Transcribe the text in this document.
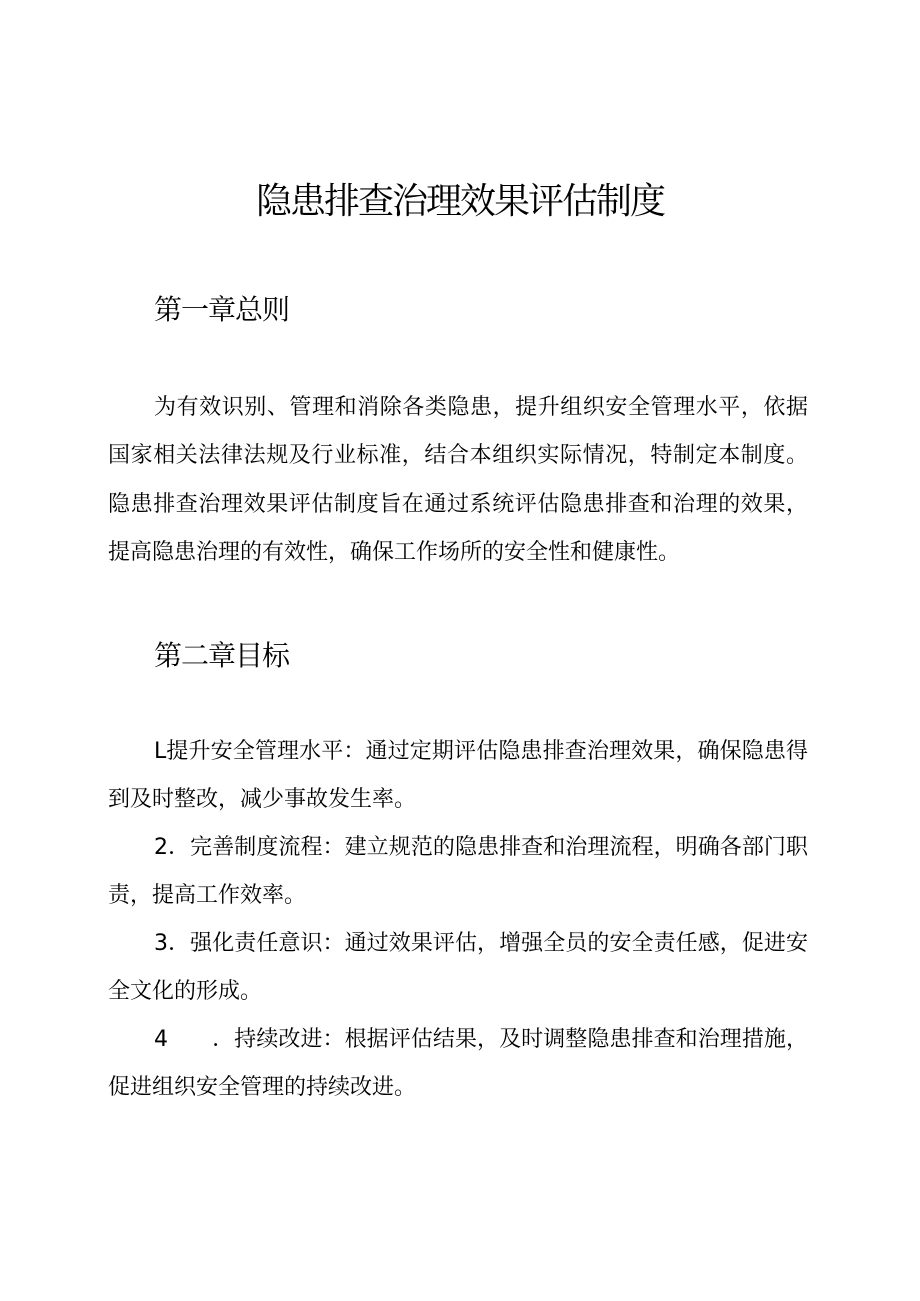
隐患排查治理效果评估制度
第一章总则

为有效识别、管理和消除各类隐患，提升组织安全管理水平，依据国家相关法律法规及行业标准，结合本组织实际情况，特制定本制度。隐患排查治理效果评估制度旨在通过系统评估隐患排查和治理的效果，提高隐患治理的有效性，确保工作场所的安全性和健康性。

第二章目标

L提升安全管理水平：通过定期评估隐患排查治理效果，确保隐患得到及时整改，减少事故发生率。

2．完善制度流程：建立规范的隐患排查和治理流程，明确各部门职责，提高工作效率。

3．强化责任意识：通过效果评估，增强全员的安全责任感，促进安全文化的形成。

4　　．持续改进：根据评估结果，及时调整隐患排查和治理措施，促进组织安全管理的持续改进。
